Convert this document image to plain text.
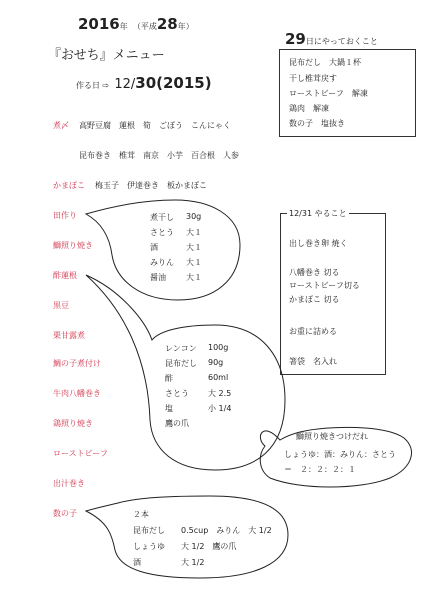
2016年 （平成28年）
『おせち』メニュー
作る日 ⇨ 12/30(2015)
29日にやっておくこと
昆布だし　大鍋１杯
干し椎茸戻す
ローストビーフ　解凍
鶏肉　解凍
数の子　塩抜き
12/31 やること
出し巻き卵 焼く
八幡巻き 切る
ローストビーフ切る
かまぼこ 切る
お重に詰める
箸袋　名入れ
煮〆 高野豆腐　蓮根　筍　ごぼう　こんにゃく
昆布巻き　椎茸　南京　小芋　百合根　人参
かまぼこ 梅玉子　伊達巻き　板かまぼこ
田作り
鰤照り焼き
酢蓮根
黒豆
栗甘露煮
鯛の子煮付け
牛肉八幡巻き
鶏照り焼き
ローストビーフ
出汁巻き
数の子
煮干し 30g
さとう 大１
酒	大１
みりん 大１
醤油	大１
レンコン 100g
昆布だし 90g
酢	60ml
さとう 大 2.5
塩	小 1/4
鷹の爪
鰤照り焼きつけだれ
しょうゆ：酒：みりん：さとう
＝　２：２：２：１
２本
昆布だし　　0.5cup　みりん　大 1/2
しょうゆ　　大 1/2　鷹の爪
酒　　　　　大 1/2
